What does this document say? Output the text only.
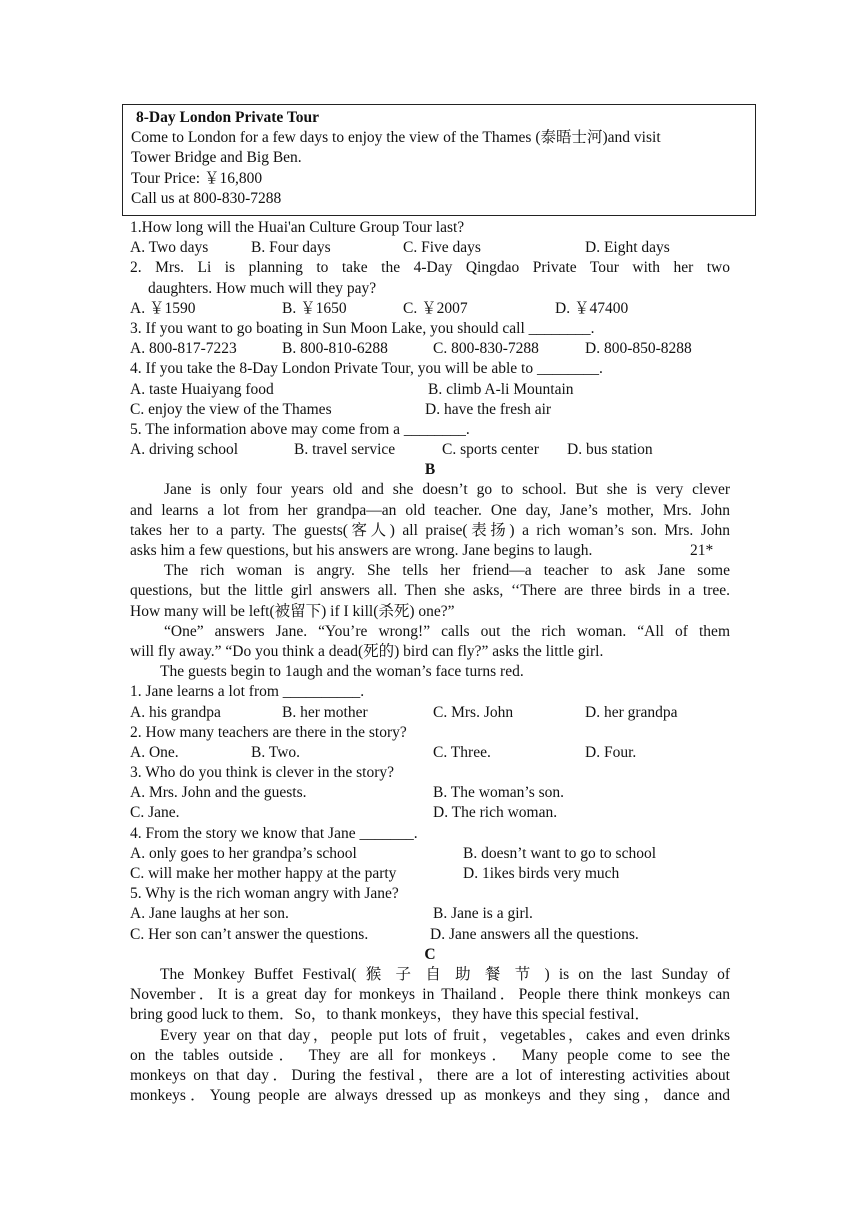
8-Day London Private Tour
Come to London for a few days to enjoy the view of the Thames (泰晤士河)and visit
Tower Bridge and Big Ben.
Tour Price: ￥16,800
Call us at 800-830-7288
1.How long will the Huai'an Culture Group Tour last?
A. Two days	B. Four days	C. Five days	D. Eight days
2. Mrs. Li is planning to take the 4-Day Qingdao Private Tour with her two
daughters. How much will they pay?
A. ￥1590	B. ￥1650	C. ￥2007	D. ￥47400
3. If you want to go boating in Sun Moon Lake, you should call ________.
A. 800-817-7223	B. 800-810-6288	C. 800-830-7288	D. 800-850-8288
4. If you take the 8-Day London Private Tour, you will be able to ________.
A. taste Huaiyang food	B. climb A-li Mountain
C. enjoy the view of the Thames	D. have the fresh air
5. The information above may come from a ________.
A. driving school	B. travel service	C. sports center D. bus station
B
Jane is only four years old and she doesn’t go to school. But she is very clever
and learns a lot from her grandpa—an old teacher. One day, Jane’s mother, Mrs. John
takes her to a party. The guests(客人) all praise(表扬) a rich woman’s son. Mrs. John
asks him a few questions, but his answers are wrong. Jane begins to laugh.	21*
The rich woman is angry. She tells her friend—a teacher to ask Jane some
questions, but the little girl answers all. Then she asks, ‘‘There are three birds in a tree.
How many will be left(被留下) if I kill(杀死) one?”
“One” answers Jane. “You’re wrong!” calls out the rich woman. “All of them
will fly away.” “Do you think a dead(死的) bird can fly?” asks the little girl.
The guests begin to 1augh and the woman’s face turns red.
1. Jane learns a lot from __________.
A. his grandpa	B. her mother	C. Mrs. John	D. her grandpa
2. How many teachers are there in the story?
A. One.	B. Two.	C. Three.	D. Four.
3. Who do you think is clever in the story?
A. Mrs. John and the guests.	B. The woman’s son.
C. Jane.	D. The rich woman.
4. From the story we know that Jane _______.
A. only goes to her grandpa’s school	B. doesn’t want to go to school
C. will make her mother happy at the party	D. 1ikes birds very much
5. Why is the rich woman angry with Jane?
A. Jane laughs at her son.	B. Jane is a girl.
C. Her son can’t answer the questions.	D. Jane answers all the questions.
C
The Monkey Buffet Festival( 猴 子 自 助 餐 节 ) is on the last Sunday of
November．It is a great day for monkeys in Thailand．People there think monkeys can
bring good luck to them．So，to thank monkeys，they have this special festival．
Every year on that day，people put lots of fruit，vegetables，cakes and even drinks
on the tables outside． They are all for monkeys． Many people come to see the
monkeys on that day．During the festival，there are a lot of interesting activities about
monkeys．Young people are always dressed up as monkeys and they sing，dance and
